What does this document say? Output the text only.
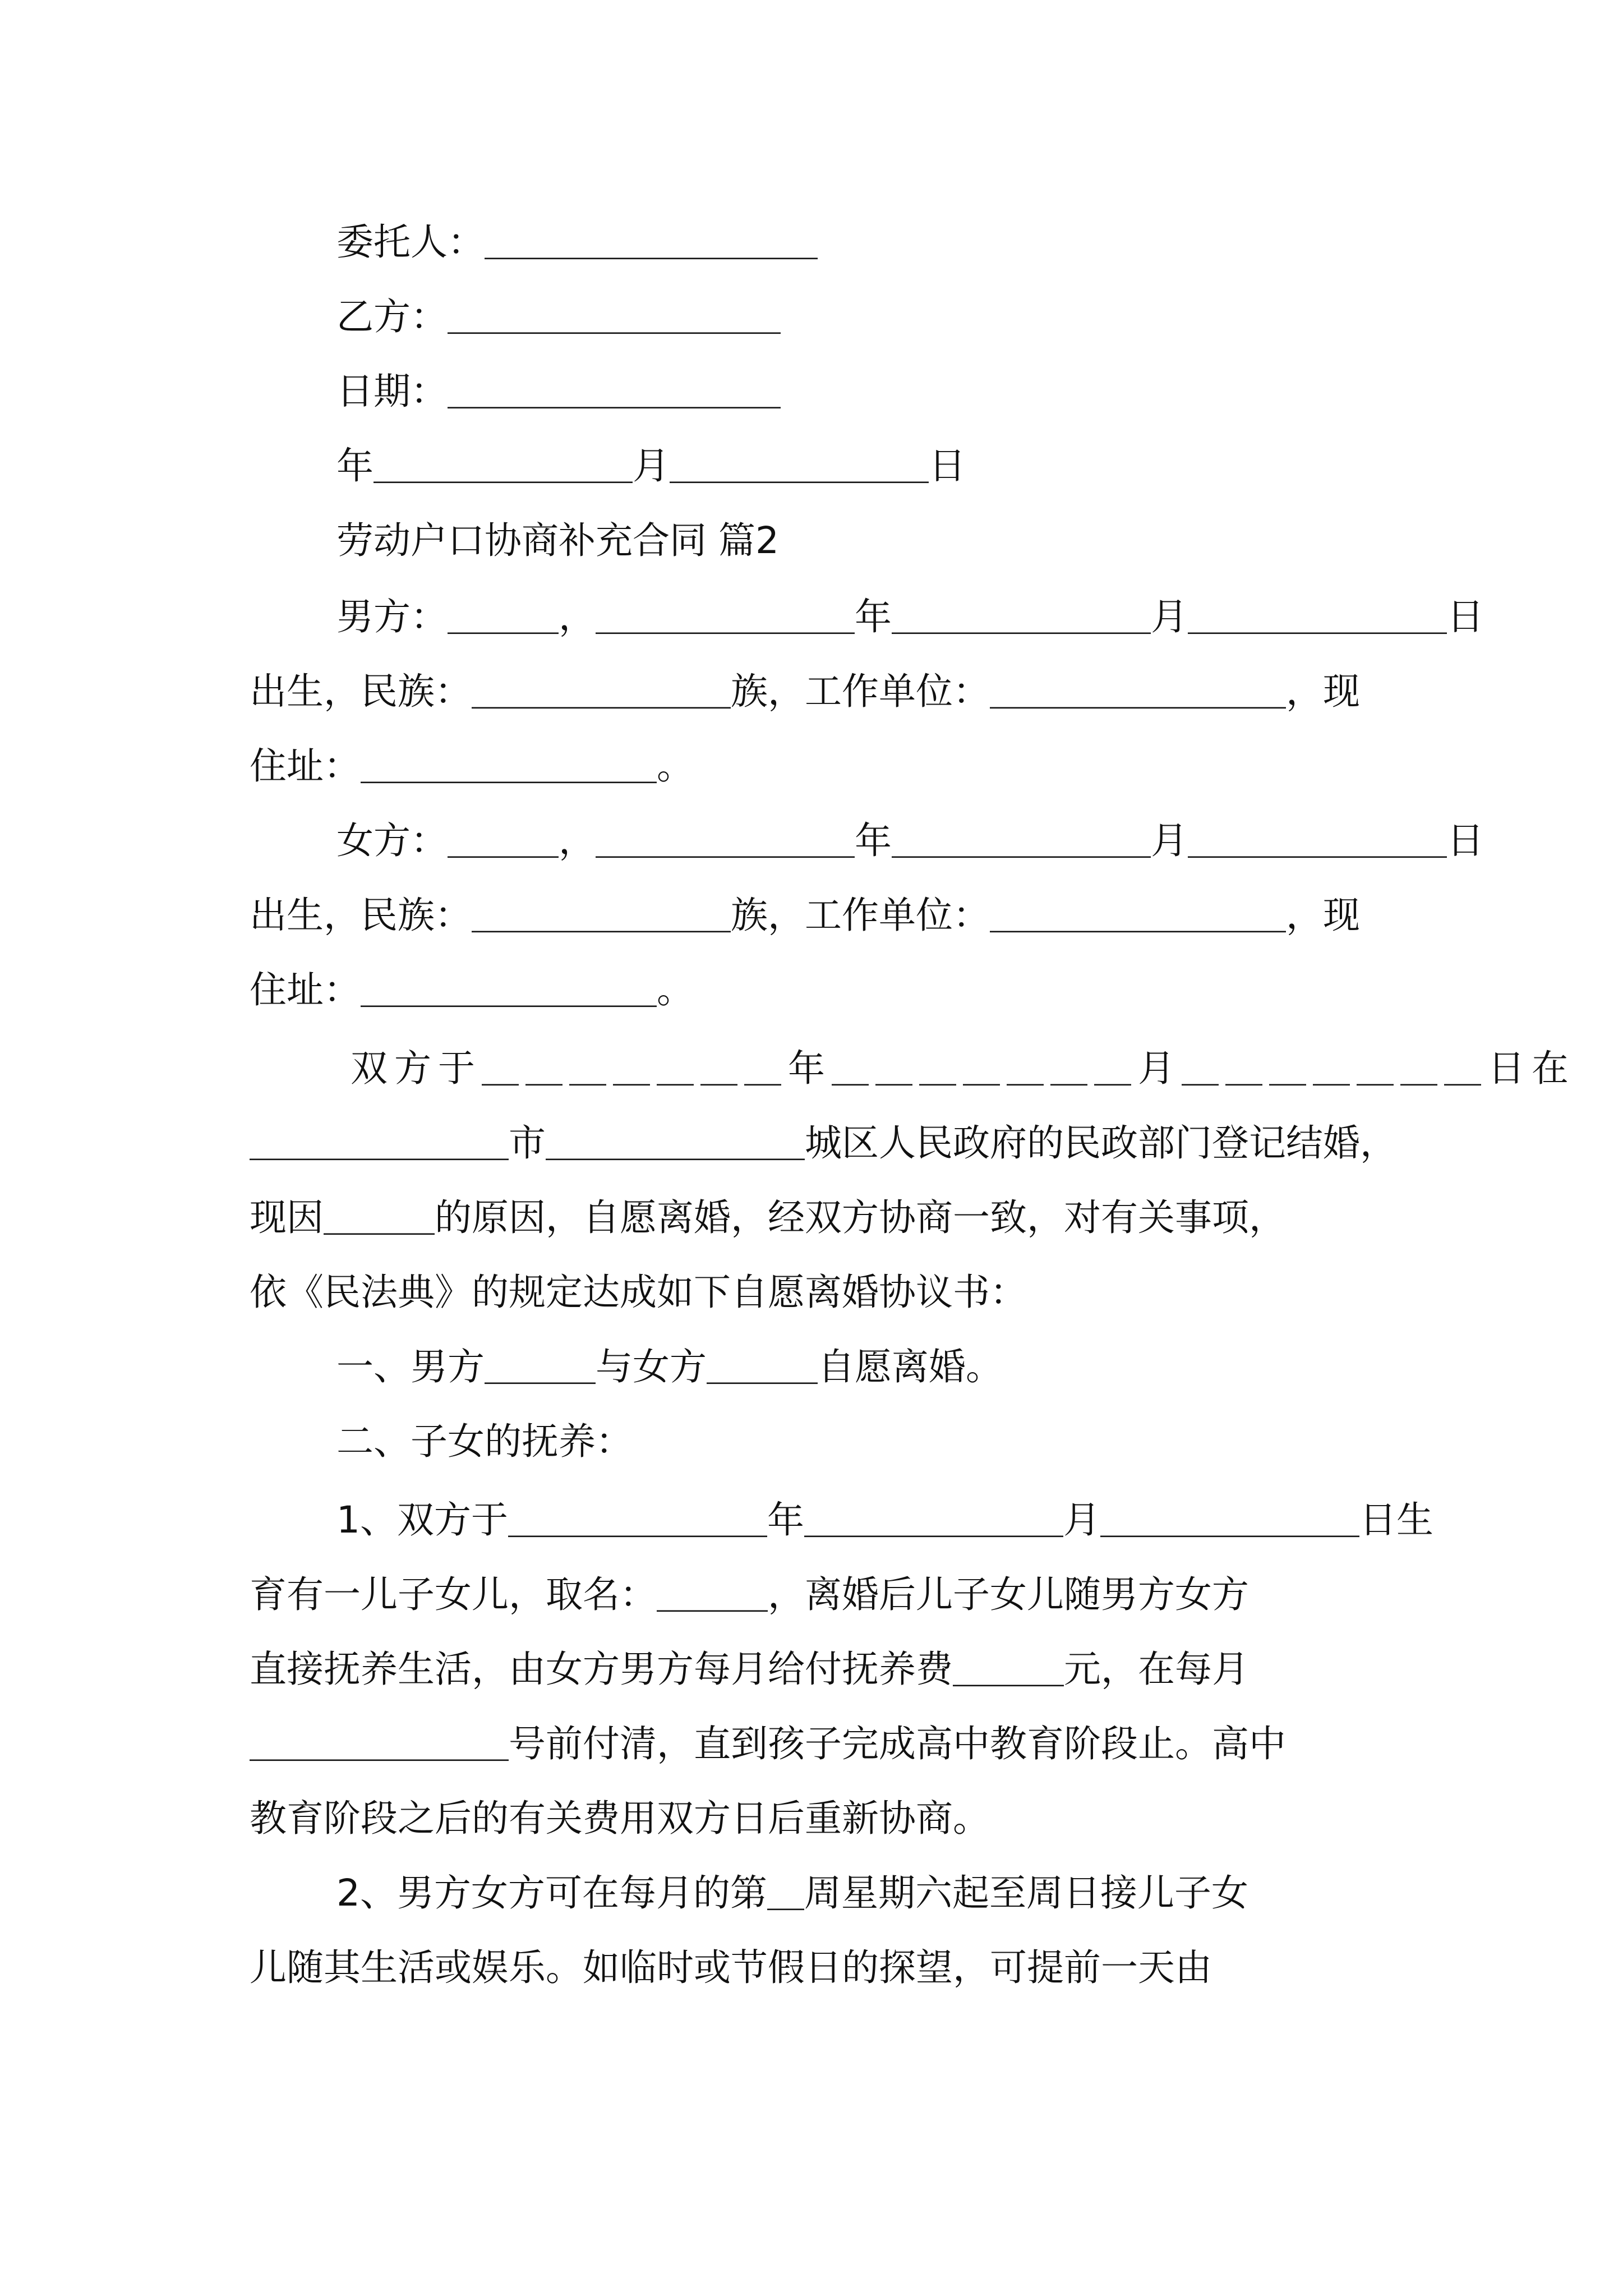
委托人：＿＿＿＿＿＿＿＿＿

乙方：＿＿＿＿＿＿＿＿＿

日期：＿＿＿＿＿＿＿＿＿

年＿＿＿＿＿＿＿月＿＿＿＿＿＿＿日

劳动户口协商补充合同 篇2

男方：＿＿＿，＿＿＿＿＿＿＿年＿＿＿＿＿＿＿月＿＿＿＿＿＿＿日

出生，民族：＿＿＿＿＿＿＿族，工作单位：＿＿＿＿＿＿＿＿，现

住址：＿＿＿＿＿＿＿＿。

女方：＿＿＿，＿＿＿＿＿＿＿年＿＿＿＿＿＿＿月＿＿＿＿＿＿＿日

出生，民族：＿＿＿＿＿＿＿族，工作单位：＿＿＿＿＿＿＿＿，现

住址：＿＿＿＿＿＿＿＿。

双方于＿＿＿＿＿＿＿年＿＿＿＿＿＿＿月＿＿＿＿＿＿＿日在

＿＿＿＿＿＿＿市＿＿＿＿＿＿＿城区人民政府的民政部门登记结婚，

现因＿＿＿的原因，自愿离婚，经双方协商一致，对有关事项，

依《民法典》的规定达成如下自愿离婚协议书：

一、男方＿＿＿与女方＿＿＿自愿离婚。

二、子女的抚养：

1、双方于＿＿＿＿＿＿＿年＿＿＿＿＿＿＿月＿＿＿＿＿＿＿日生

育有一儿子女儿，取名：＿＿＿，离婚后儿子女儿随男方女方

直接抚养生活，由女方男方每月给付抚养费＿＿＿元，在每月

＿＿＿＿＿＿＿号前付清，直到孩子完成高中教育阶段止。高中

教育阶段之后的有关费用双方日后重新协商。

2、男方女方可在每月的第＿周星期六起至周日接儿子女

儿随其生活或娱乐。如临时或节假日的探望，可提前一天由
